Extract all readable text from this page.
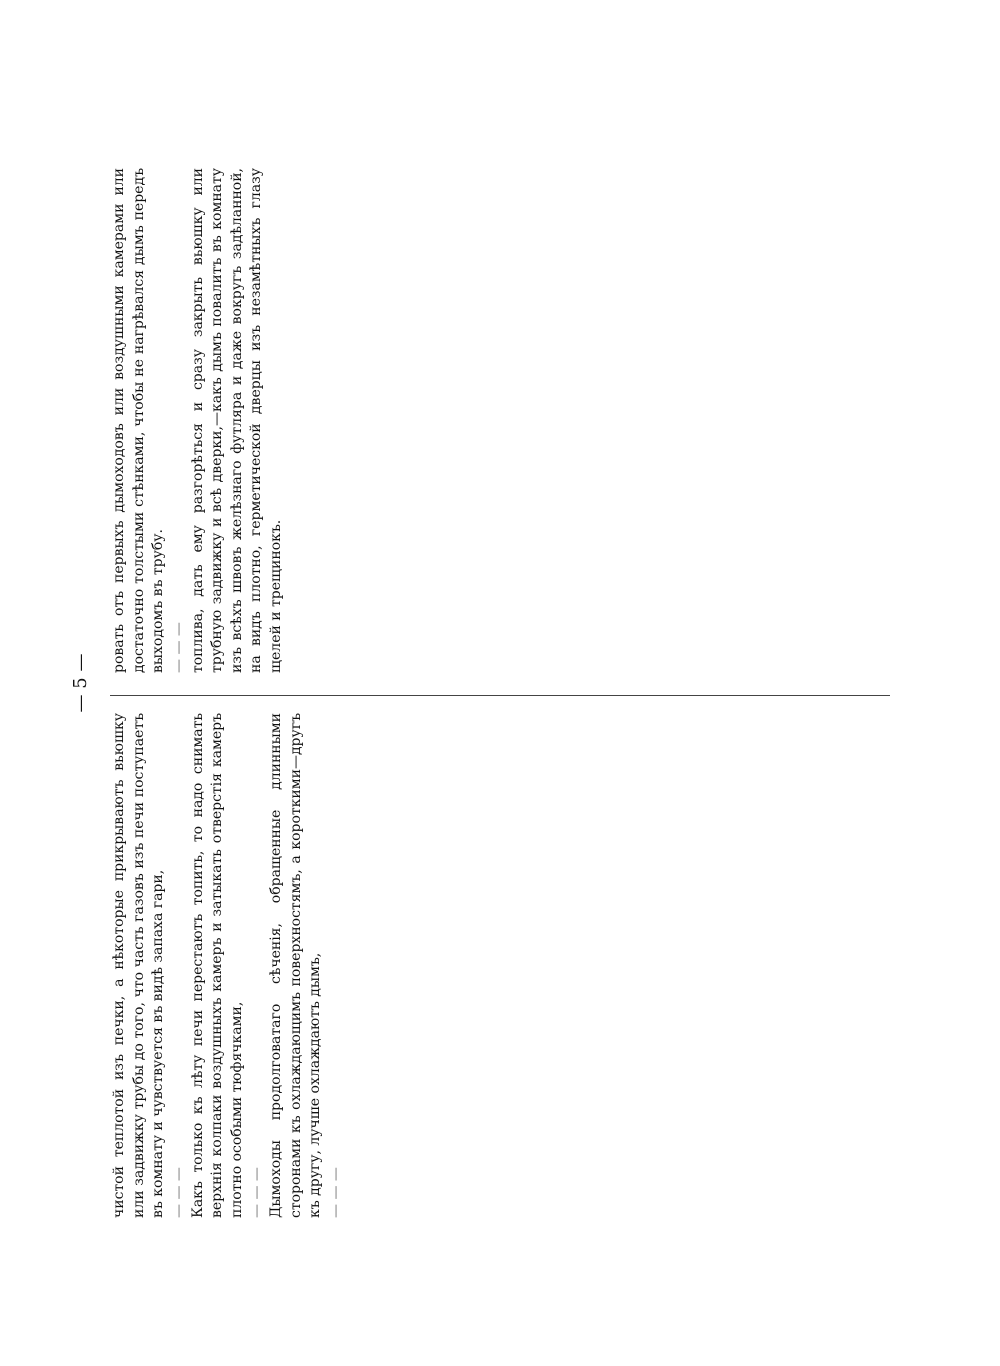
— 5 —

чистой теплотой изъ печки, а нѣкоторые прикрываютъ вьюшку или задвижку трубы до того, что часть газовъ изъ печи поступаетъ въ комнату и чувствуется въ видѣ запаха гари, — — — Какъ только къ лѣту печи перестаютъ топить, то надо снимать верхнія колпаки воздушныхъ камеръ и затыкать отверстія камеръ плотно особыми тюфячками, — — — Дымоходы продолговатаго сѣченія, обращенные длинными сторонами къ охлаждающимъ поверхностямъ, а короткими—другъ къ другу, лучше охлаждаютъ дымъ, — — —

ровать отъ первыхъ дымоходовъ или воздушными камерами или достаточно толстыми стѣнками, чтобы не нагрѣвался дымъ передъ выходомъ въ трубу. — — — топлива, дать ему разгорѣться и сразу закрыть вьюшку или трубную задвижку и всѣ дверки,—какъ дымъ повалитъ въ комнату изъ всѣхъ швовъ желѣзнаго футляра и даже вокругъ задѣланной, на видъ плотно, герметической дверцы изъ незамѣтныхъ глазу щелей и трещинокъ.
